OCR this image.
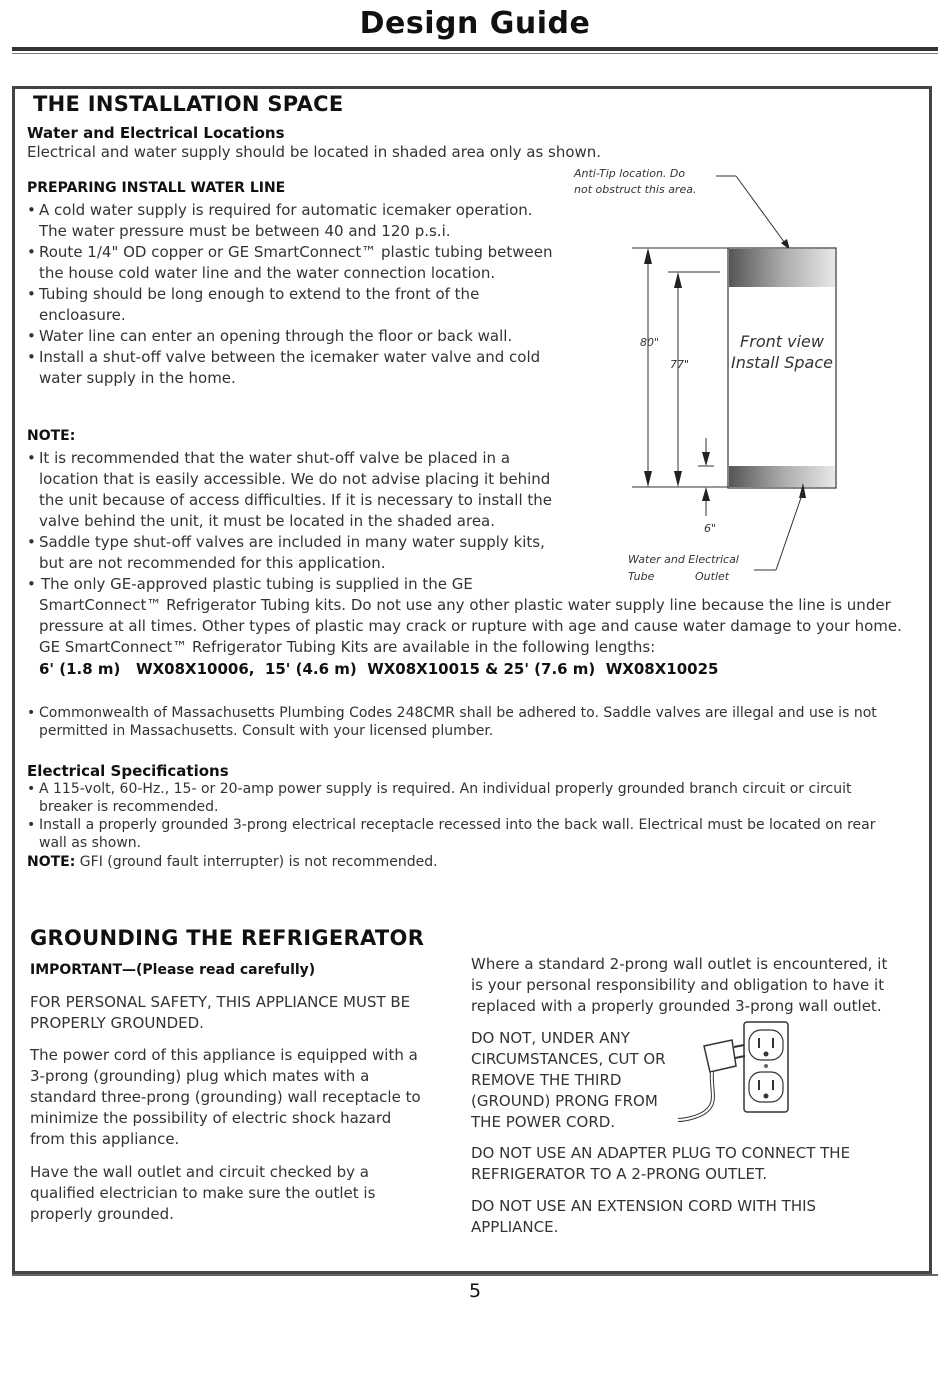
Design Guide
THE INSTALLATION SPACE
Water and Electrical Locations
Electrical and water supply should be located in shaded area only as shown.
PREPARING INSTALL WATER LINE
• A cold water supply is required for automatic icemaker operation. The water pressure must be between 40 and 120 p.s.i.
• Route 1/4" OD copper or GE SmartConnect™ plastic tubing between the house cold water line and the water connection location.
• Tubing should be long enough to extend to the front of the encloasure.
• Water line can enter an opening through the floor or back wall.
• Install a shut-off valve between the icemaker water valve and cold water supply in the home.
NOTE:
• It is recommended that the water shut-off valve be placed in a location that is easily accessible. We do not advise placing it behind the unit because of access difficulties. If it is necessary to install the valve behind the unit, it must be located in the shaded area.
• Saddle type shut-off valves are included in many water supply kits, but are not recommended for this application.
• The only GE-approved plastic tubing is supplied in the GE
SmartConnect™ Refrigerator Tubing kits. Do not use any other plastic water supply line because the line is under pressure at all times. Other types of plastic may crack or rupture with age and cause water damage to your home. GE SmartConnect™ Refrigerator Tubing Kits are available in the following lengths:
6' (1.8 m)   WX08X10006,  15' (4.6 m)  WX08X10015 & 25' (7.6 m)  WX08X10025
• Commonwealth of Massachusetts Plumbing Codes 248CMR shall be adhered to. Saddle valves are illegal and use is not permitted in Massachusetts. Consult with your licensed plumber.
Electrical Specifications
• A 115-volt, 60-Hz., 15- or 20-amp power supply is required. An individual properly grounded branch circuit or circuit breaker is recommended.
• Install a properly grounded 3-prong electrical receptacle recessed into the back wall. Electrical must be located on rear wall as shown.
NOTE: GFI (ground fault interrupter) is not recommended.
Anti-Tip location. Do
not obstruct this area.
80"
77"
6"
Front view
Install Space
Water and Electrical
Tube	Outlet
GROUNDING THE REFRIGERATOR
IMPORTANT—(Please read carefully)

FOR PERSONAL SAFETY, THIS APPLIANCE MUST BE PROPERLY GROUNDED.

The power cord of this appliance is equipped with a 3-prong (grounding) plug which mates with a standard three-prong (grounding) wall receptacle to minimize the possibility of electric shock hazard from this appliance.

Have the wall outlet and circuit checked by a qualified electrician to make sure the outlet is properly grounded.

Where a standard 2-prong wall outlet is encountered, it is your personal responsibility and obligation to have it replaced with a properly grounded 3-prong wall outlet.

DO NOT, UNDER ANY CIRCUMSTANCES, CUT OR REMOVE THE THIRD (GROUND) PRONG FROM THE POWER CORD.

DO NOT USE AN ADAPTER PLUG TO CONNECT THE REFRIGERATOR TO A 2-PRONG OUTLET.

DO NOT USE AN EXTENSION CORD WITH THIS APPLIANCE.

5
